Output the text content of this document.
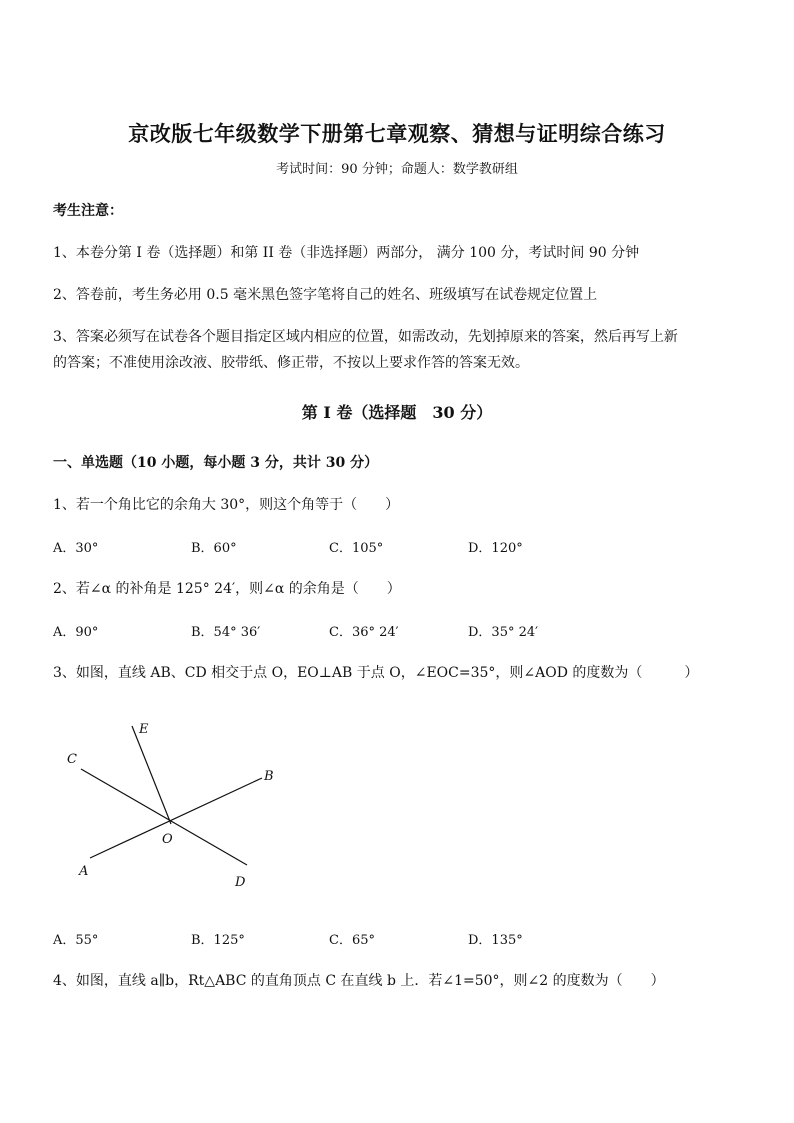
京改版七年级数学下册第七章观察、猜想与证明综合练习
考试时间：90 分钟；命题人：数学教研组
考生注意：
1、本卷分第 I 卷（选择题）和第 II 卷（非选择题）两部分， 满分 100 分，考试时间 90 分钟
2、答卷前，考生务必用 0.5 毫米黑色签字笔将自己的姓名、班级填写在试卷规定位置上
3、答案必须写在试卷各个题目指定区域内相应的位置，如需改动，先划掉原来的答案，然后再写上新
的答案；不准使用涂改液、胶带纸、修正带，不按以上要求作答的答案无效。
第 I 卷（选择题　30 分）
一、单选题（10 小题，每小题 3 分，共计 30 分）
1、若一个角比它的余角大 30°，则这个角等于（　　）
A．30°	B．60°	C．105°	D．120°
2、若∠α 的补角是 125° 24′，则∠α 的余角是（　　）
A．90°	B．54° 36′	C．36° 24′	D．35° 24′
3、如图，直线 AB、CD 相交于点 O，EO⊥AB 于点 O，∠EOC=35°，则∠AOD 的度数为（　　　）
E
C
B
O
A
D
A．55°	B．125°	C．65°	D．135°
4、如图，直线 a∥b，Rt△ABC 的直角顶点 C 在直线 b 上．若∠1=50°，则∠2 的度数为（　　）
